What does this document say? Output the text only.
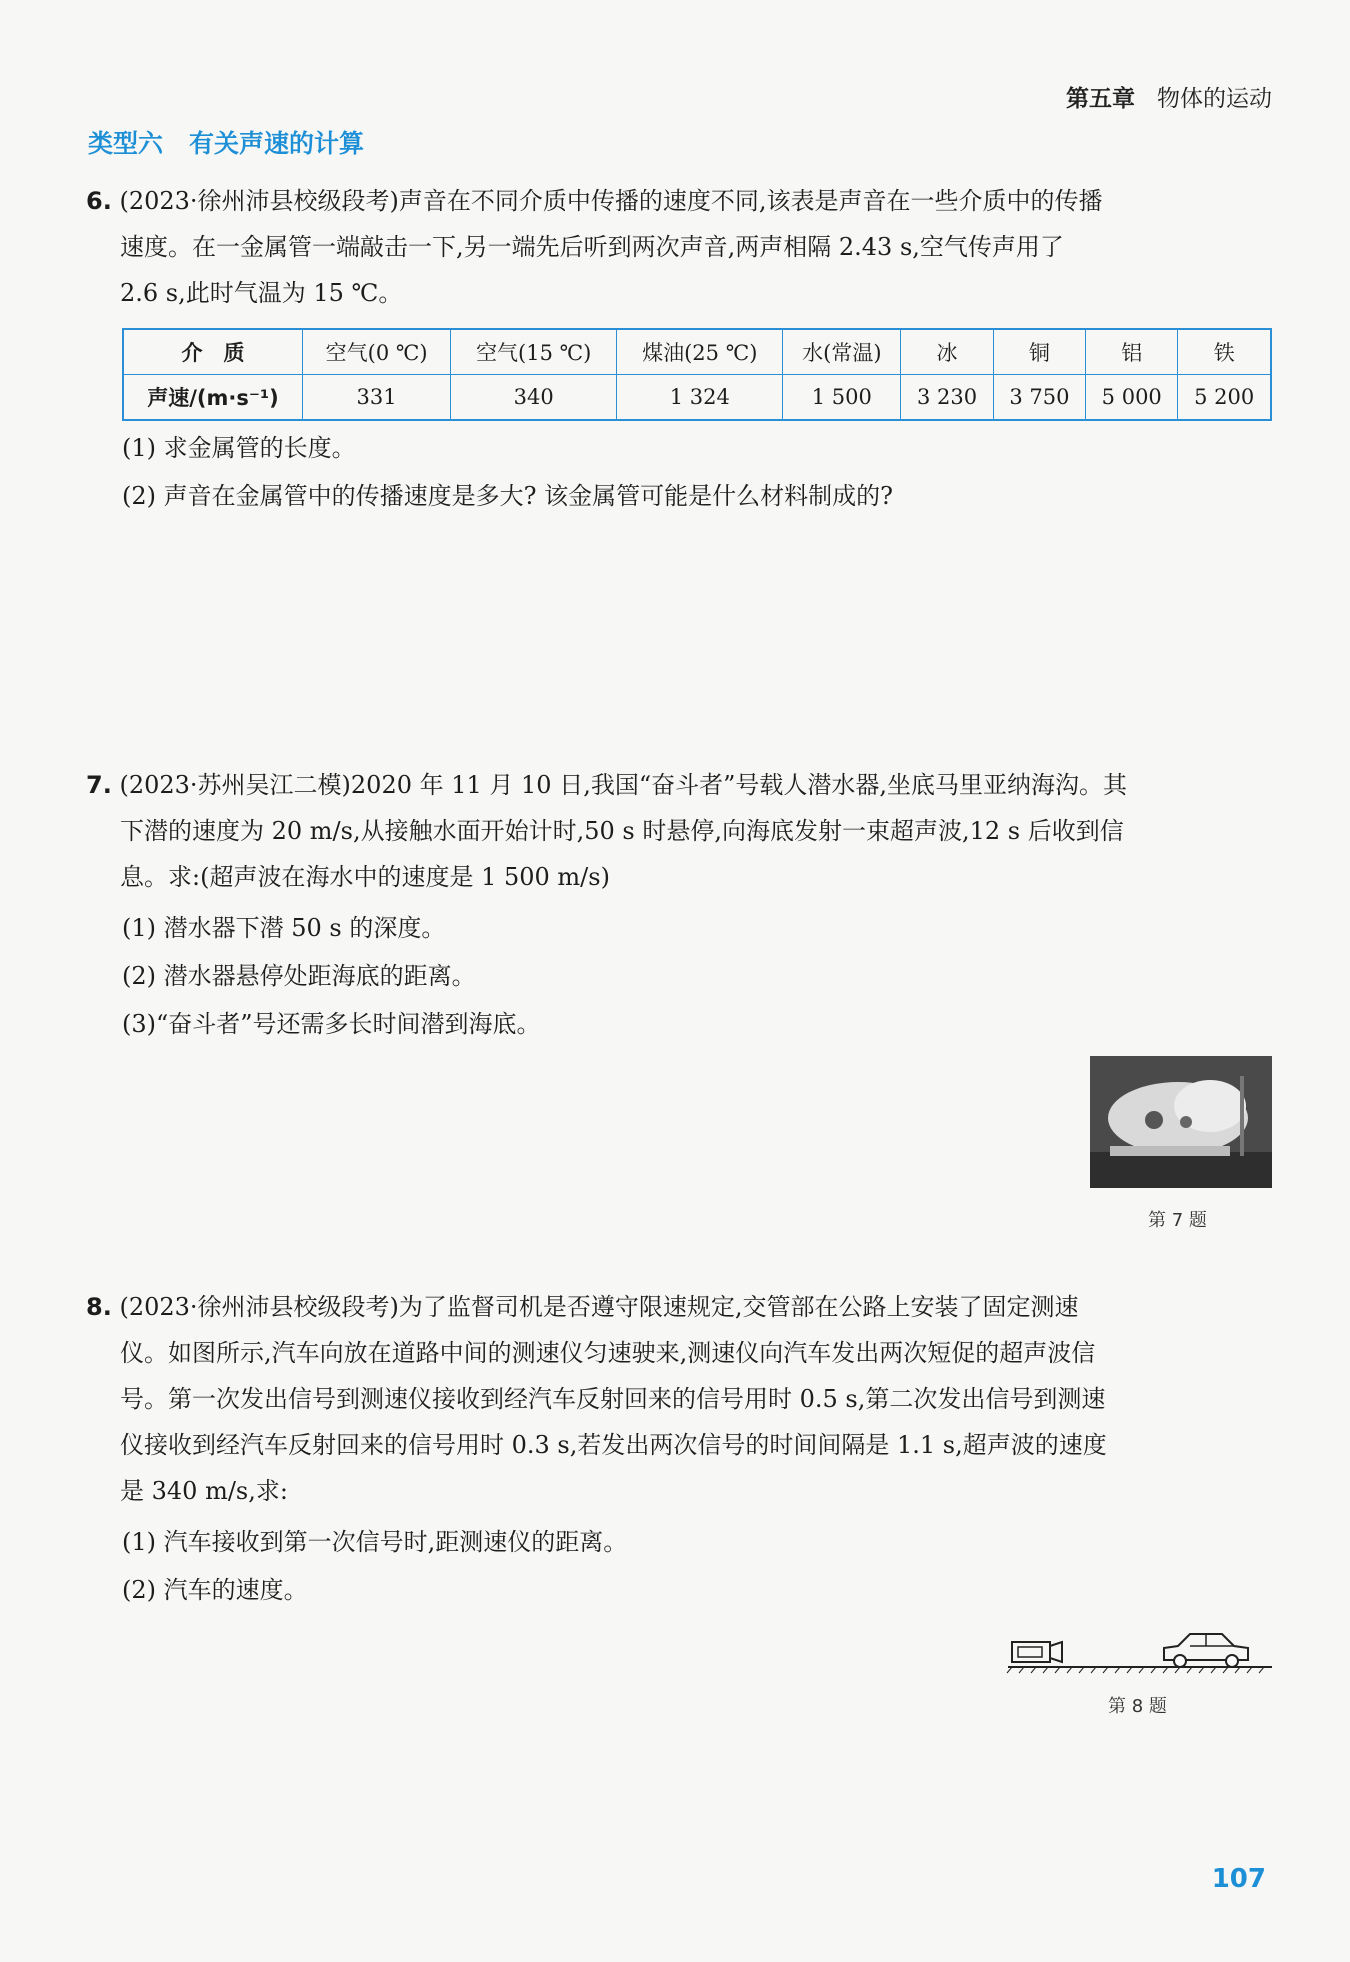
第五章 物体的运动
类型六 有关声速的计算
6. (2023·徐州沛县校级段考)声音在不同介质中传播的速度不同,该表是声音在一些介质中的传播
速度。在一金属管一端敲击一下,另一端先后听到两次声音,两声相隔 2.43 s,空气传声用了
2.6 s,此时气温为 15 ℃。
介　质	空气(0 ℃)	空气(15 ℃)	煤油(25 ℃)	水(常温)	冰	铜	铝	铁
声速/(m·s⁻¹)	331	340	1 324	1 500	3 230	3 750	5 000	5 200
(1) 求金属管的长度。
(2) 声音在金属管中的传播速度是多大? 该金属管可能是什么材料制成的?
7. (2023·苏州吴江二模)2020 年 11 月 10 日,我国“奋斗者”号载人潜水器,坐底马里亚纳海沟。其
下潜的速度为 20 m/s,从接触水面开始计时,50 s 时悬停,向海底发射一束超声波,12 s 后收到信
息。求:(超声波在海水中的速度是 1 500 m/s)
(1) 潜水器下潜 50 s 的深度。
(2) 潜水器悬停处距海底的距离。
(3)“奋斗者”号还需多长时间潜到海底。
第 7 题
8. (2023·徐州沛县校级段考)为了监督司机是否遵守限速规定,交管部在公路上安装了固定测速
仪。如图所示,汽车向放在道路中间的测速仪匀速驶来,测速仪向汽车发出两次短促的超声波信
号。第一次发出信号到测速仪接收到经汽车反射回来的信号用时 0.5 s,第二次发出信号到测速
仪接收到经汽车反射回来的信号用时 0.3 s,若发出两次信号的时间间隔是 1.1 s,超声波的速度
是 340 m/s,求:
(1) 汽车接收到第一次信号时,距测速仪的距离。
(2) 汽车的速度。
第 8 题
107
